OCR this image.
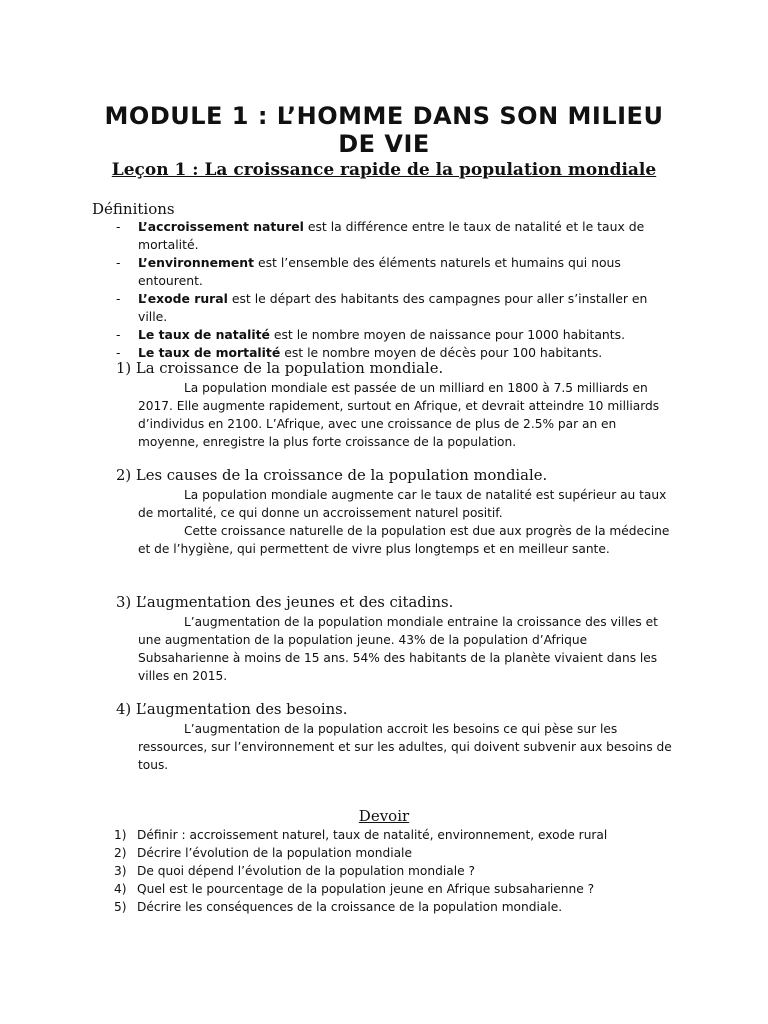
MODULE 1 : L’HOMME DANS SON MILIEU DE VIE
Leçon 1 : La croissance rapide de la population mondiale
Définitions
- L’accroissement naturel est la différence entre le taux de natalité et le taux de mortalité.
- L’environnement est l’ensemble des éléments naturels et humains qui nous entourent.
- L’exode rural est le départ des habitants des campagnes pour aller s’installer en ville.
- Le taux de natalité est le nombre moyen de naissance pour 1000 habitants.
- Le taux de mortalité est le nombre moyen de décès pour 100 habitants.
1) La croissance de la population mondiale.

La population mondiale est passée de un milliard en 1800 à 7.5 milliards en 2017. Elle augmente rapidement, surtout en Afrique, et devrait atteindre 10 milliards d’individus en 2100. L’Afrique, avec une croissance de plus de 2.5% par an en moyenne, enregistre la plus forte croissance de la population.

2) Les causes de la croissance de la population mondiale.

La population mondiale augmente car le taux de natalité est supérieur au taux de mortalité, ce qui donne un accroissement naturel positif.

Cette croissance naturelle de la population est due aux progrès de la médecine et de l’hygiène, qui permettent de vivre plus longtemps et en meilleur sante.

3) L’augmentation des jeunes et des citadins.

L’augmentation de la population mondiale entraine la croissance des villes et une augmentation de la population jeune. 43% de la population d’Afrique Subsaharienne à moins de 15 ans. 54% des habitants de la planète vivaient dans les villes en 2015.

4) L’augmentation des besoins.

L’augmentation de la population accroit les besoins ce qui pèse sur les ressources, sur l’environnement et sur les adultes, qui doivent subvenir aux besoins de tous.

Devoir
1) Définir : accroissement naturel, taux de natalité, environnement, exode rural
2) Décrire l’évolution de la population mondiale
3) De quoi dépend l’évolution de la population mondiale ?
4) Quel est le pourcentage de la population jeune en Afrique subsaharienne ?
5) Décrire les conséquences de la croissance de la population mondiale.
